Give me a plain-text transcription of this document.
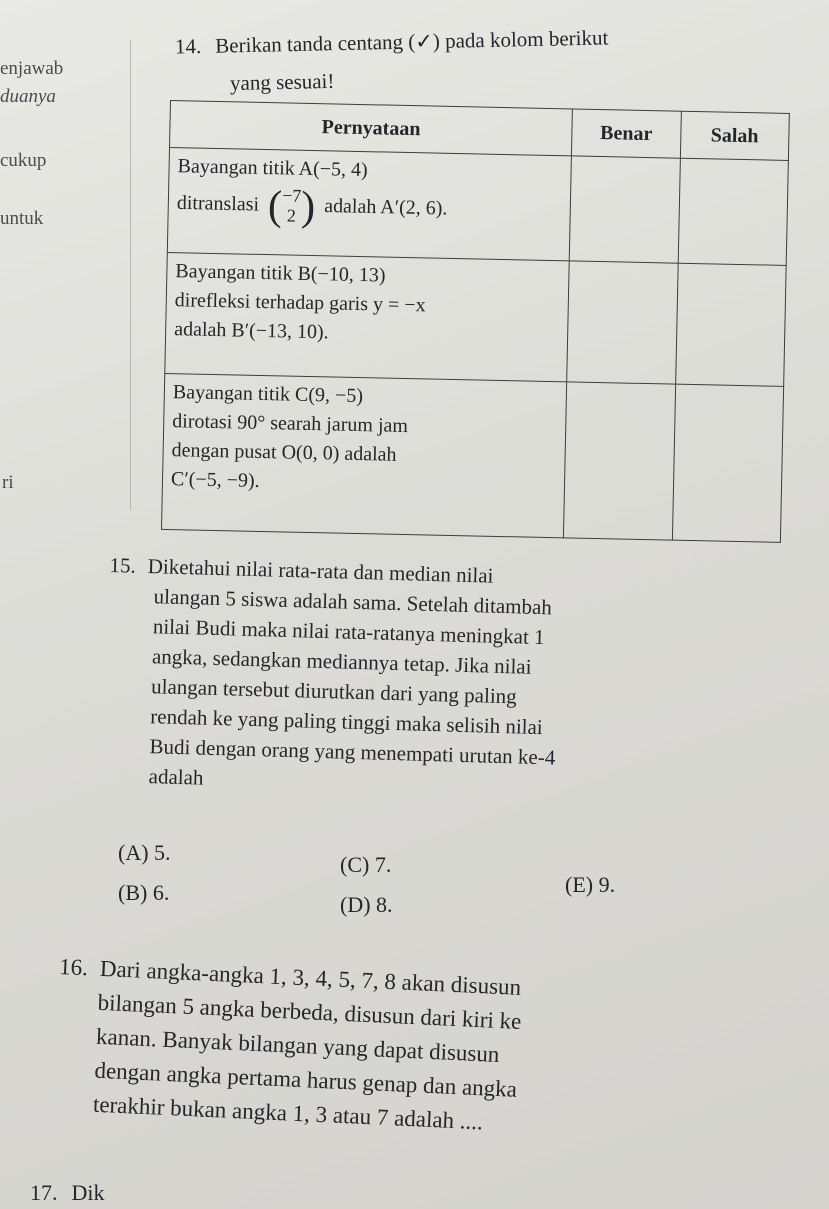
enjawab
duanya
cukup
untuk
ri
14. Berikan tanda centang (✓) pada kolom berikut
yang sesuai!
Pernyataan	Benar	Salah

Bayangan titik A(−5, 4)
ditranslasi (−7
2 ) adalah A′(2, 6).		

Bayangan titik B(−10, 13)
direfleksi terhadap garis y = −x
adalah B′(−13, 10).		

Bayangan titik C(9, −5)
dirotasi 90° searah jarum jam
dengan pusat O(0, 0) adalah
C′(−5, −9).		

15. Diketahui nilai rata-rata dan median nilai

ulangan 5 siswa adalah sama. Setelah ditambah

nilai Budi maka nilai rata-ratanya meningkat 1

angka, sedangkan mediannya tetap. Jika nilai

ulangan tersebut diurutkan dari yang paling

rendah ke yang paling tinggi maka selisih nilai

Budi dengan orang yang menempati urutan ke-4

adalah

(A) 5.
(B) 6.
(C) 7.
(D) 8.
(E) 9.

16. Dari angka-angka 1, 3, 4, 5, 7, 8 akan disusun

bilangan 5 angka berbeda, disusun dari kiri ke

kanan. Banyak bilangan yang dapat disusun

dengan angka pertama harus genap dan angka

terakhir bukan angka 1, 3 atau 7 adalah ....

17. Dik
